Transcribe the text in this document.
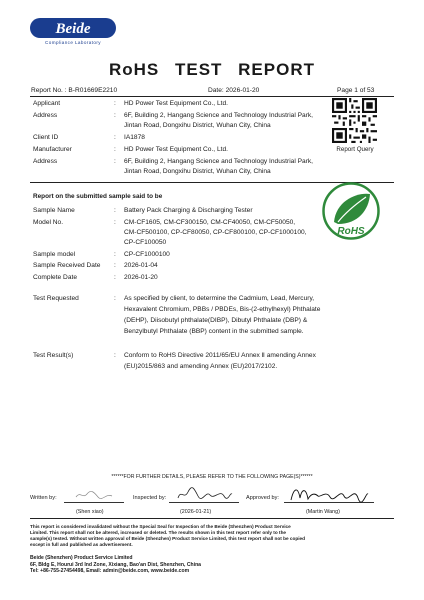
Beide
Compliance Laboratory
RoHS TEST REPORT
Report No. : B-R01669E2210	Date: 2026-01-20	Page 1 of 53
Applicant	: HD Power Test Equipment Co., Ltd.
Address	: 6F, Building 2, Hangang Science and Technology Industrial Park,
Jintan Road, Dongxihu District, Wuhan City, China
Client ID	: IA1878
Manufacturer	: HD Power Test Equipment Co., Ltd.
Address	: 6F, Building 2, Hangang Science and Technology Industrial Park,
Jintan Road, Dongxihu District, Wuhan City, China
Report Query
RoHS
Report on the submitted sample said to be
Sample Name	: Battery Pack Charging & Discharging Tester
Model No.	: CM-CF1605, CM-CF300150, CM-CF40050, CM-CF50050,
CM-CF500100, CP-CF80050, CP-CF800100, CP-CF1000100,
CP-CF100050
Sample model	: CP-CF1000100
Sample Received Date : 2026-01-04
Complete Date	: 2026-01-20
Test Requested	: As specified by client, to determine the Cadmium, Lead, Mercury,
Hexavalent Chromium, PBBs / PBDEs, Bis-(2-ethylhexyl) Phthalate
(DEHP), Diisobutyl phthalate(DIBP), Dibutyl Phthalate (DBP) &
Benzylbutyl Phthalate (BBP) content in the submitted sample.
Test Result(s)	: Conform to RoHS Directive 2011/65/EU Annex Ⅱ amending Annex
(EU)2015/863 and amending Annex (EU)2017/2102.
******FOR FURTHER DETAILS, PLEASE REFER TO THE FOLLOWING PAGE(S)******
Written by:
(Shen xiao)
Inspected by:
(2026-01-21)
Approved by:
(Martin Wang)
This report is considered invalidated without the Special Seal for Inspection of the Beide (Shenzhen) Product Service
Limited. This report shall not be altered, increased or deleted. The results shown in this test report refer only to the
sample(s) tested. Without written approval of Beide (Shenzhen) Product Service Limited, this test report shall not be copied
except in full and published as advertisement.
Beide (Shenzhen) Product Service Limited
6F, Bldg E, Hourui 3rd Ind Zone, Xixiang, Bao'an Dist, Shenzhen, China
Tel: +86-755-27454498, Email: admin@beide.com, www.beide.com
